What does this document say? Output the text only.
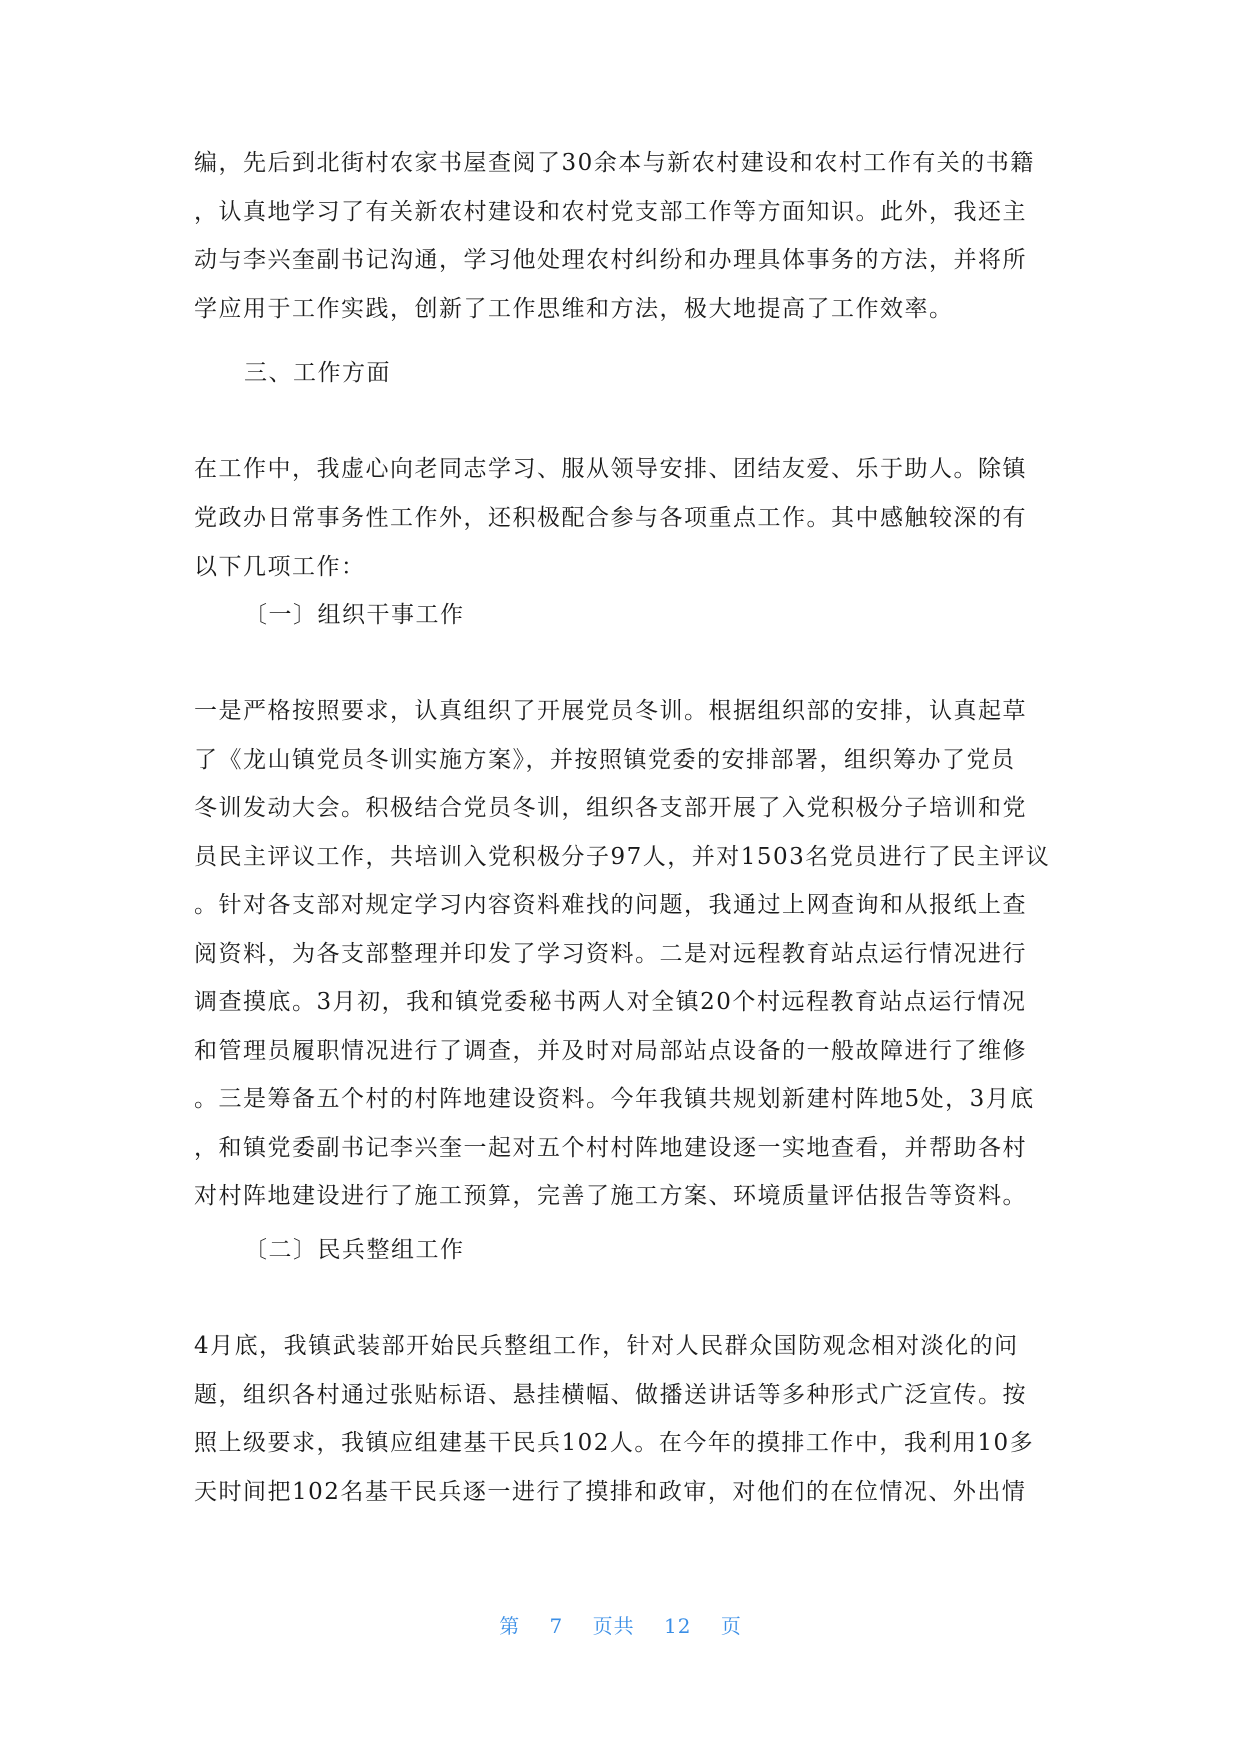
编，先后到北街村农家书屋查阅了30余本与新农村建设和农村工作有关的书籍
，认真地学习了有关新农村建设和农村党支部工作等方面知识。此外，我还主
动与李兴奎副书记沟通，学习他处理农村纠纷和办理具体事务的方法，并将所
学应用于工作实践，创新了工作思维和方法，极大地提高了工作效率。
三、工作方面
在工作中，我虚心向老同志学习、服从领导安排、团结友爱、乐于助人。除镇
党政办日常事务性工作外，还积极配合参与各项重点工作。其中感触较深的有
以下几项工作：
〔一〕组织干事工作
一是严格按照要求，认真组织了开展党员冬训。根据组织部的安排，认真起草
了《龙山镇党员冬训实施方案》，并按照镇党委的安排部署，组织筹办了党员
冬训发动大会。积极结合党员冬训，组织各支部开展了入党积极分子培训和党
员民主评议工作，共培训入党积极分子97人，并对1503名党员进行了民主评议
。针对各支部对规定学习内容资料难找的问题，我通过上网查询和从报纸上查
阅资料，为各支部整理并印发了学习资料。二是对远程教育站点运行情况进行
调查摸底。3月初，我和镇党委秘书两人对全镇20个村远程教育站点运行情况
和管理员履职情况进行了调查，并及时对局部站点设备的一般故障进行了维修
。三是筹备五个村的村阵地建设资料。今年我镇共规划新建村阵地5处，3月底
，和镇党委副书记李兴奎一起对五个村村阵地建设逐一实地查看，并帮助各村
对村阵地建设进行了施工预算，完善了施工方案、环境质量评估报告等资料。
〔二〕民兵整组工作
4月底，我镇武装部开始民兵整组工作，针对人民群众国防观念相对淡化的问
题，组织各村通过张贴标语、悬挂横幅、做播送讲话等多种形式广泛宣传。按
照上级要求，我镇应组建基干民兵102人。在今年的摸排工作中，我利用10多
天时间把102名基干民兵逐一进行了摸排和政审，对他们的在位情况、外出情
第 7 页共 12 页
